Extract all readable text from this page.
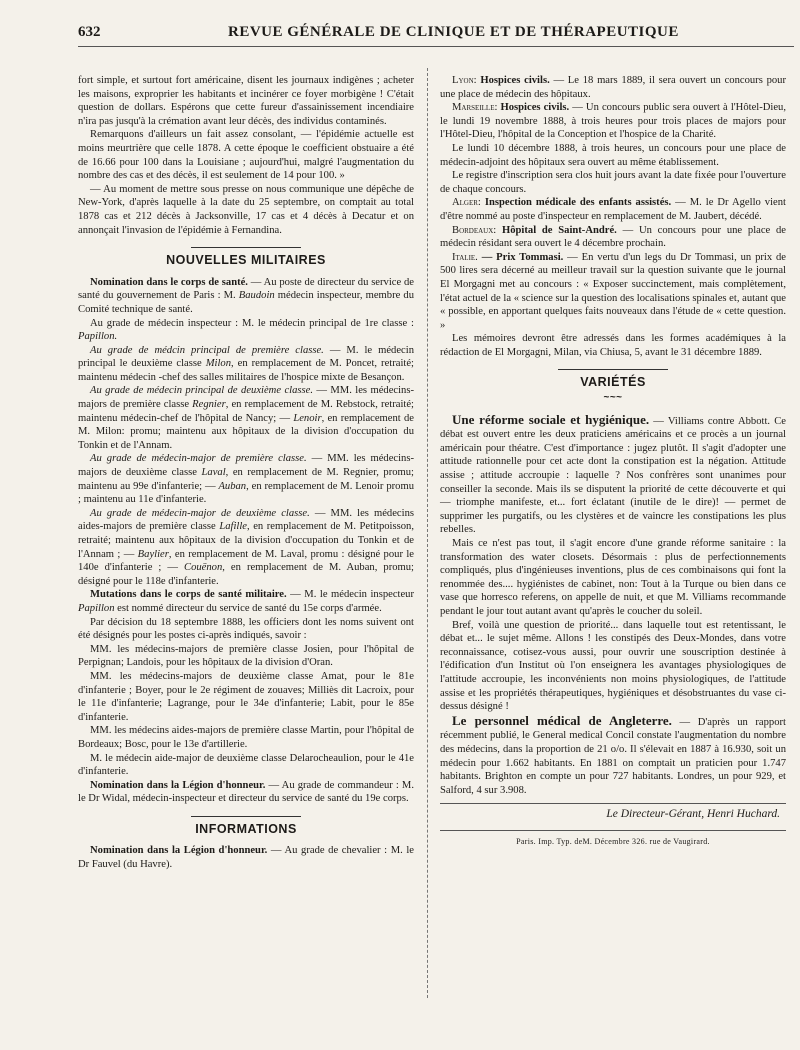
632	REVUE GÉNÉRALE DE CLINIQUE ET DE THÉRAPEUTIQUE

fort simple, et surtout fort américaine, disent les journaux indigènes ; acheter les maisons, exproprier les habitants et incinérer ce foyer morbigène ! C'était question de dollars. Espérons que cette fureur d'assainissement incendiaire n'ira pas jusqu'à la crémation avant leur décès, des individus contaminés.

Remarquons d'ailleurs un fait assez consolant, — l'épidémie actuelle est moins meurtrière que celle 1878. A cette époque le coefficient obstuaire a été de 16.66 pour 100 dans la Louisiane ; aujourd'hui, malgré l'augmentation du nombre des cas et des décès, il est seulement de 14 pour 100. »

— Au moment de mettre sous presse on nous communique une dépêche de New-York, d'après laquelle à la date du 25 septembre, on comptait au total 1878 cas et 212 décès à Jacksonville, 17 cas et 4 décès à Decatur et on annonçait l'invasion de l'épidémie à Fernandina.

NOUVELLES MILITAIRES

Nomination dans le corps de santé. — Au poste de directeur du service de santé du gouvernement de Paris : M. Baudoin médecin inspecteur, membre du Comité technique de santé.

Au grade de médecin inspecteur : M. le médecin principal de 1re classe : Papillon.

Au grade de médcin principal de première classe. — M. le médecin principal le deuxième classe Milon, en remplacement de M. Poncet, retraité; maintenu médecin -chef des salles militaires de l'hospice mixte de Besançon.

Au grade de médecin principal de deuxième classe. — MM. les médecins-majors de première classe Regnier, en remplacement de M. Rebstock, retraité; maintenu médecin-chef de l'hôpital de Nancy; — Lenoir, en remplacement de M. Milon: promu; maintenu aux hôpitaux de la division d'occupation du Tonkin et de l'Annam.

Au grade de médecin-major de première classe. — MM. les médecins-majors de deuxième classe Laval, en remplacement de M. Regnier, promu; maintenu au 99e d'infanterie; — Auban, en remplacement de M. Lenoir promu ; maintenu au 11e d'infanterie.

Au grade de médecin-major de deuxième classe. — MM. les médecins aides-majors de première classe Lafille, en remplacement de M. Petitpoisson, retraité; maintenu aux hôpitaux de la division d'occupation du Tonkin et de l'Annam ; — Baylier, en remplacement de M. Laval, promu : désigné pour le 140e d'infanterie ; — Couënon, en remplacement de M. Auban, promu; désigné pour le 118e d'infanterie.

Mutations dans le corps de santé militaire. — M. le médecin inspecteur Papillon est nommé directeur du service de santé du 15e corps d'armée.

Par décision du 18 septembre 1888, les officiers dont les noms suivent ont été désignés pour les postes ci-après indiqués, savoir :

MM. les médecins-majors de première classe Josien, pour l'hôpital de Perpignan; Landois, pour les hôpitaux de la division d'Oran.

MM. les médecins-majors de deuxième classe Amat, pour le 81e d'infanterie ; Boyer, pour le 2e régiment de zouaves; Milliès dit Lacroix, pour le 11e d'infanterie; Lagrange, pour le 34e d'infanterie; Labit, pour le 85e d'infanterie.

MM. les médecins aides-majors de première classe Martin, pour l'hôpital de Bordeaux; Bosc, pour le 13e d'artillerie.

M. le médecin aide-major de deuxième classe Delarocheaulion, pour le 41e d'infanterie.

Nomination dans la Légion d'honneur. — Au grade de commandeur : M. le Dr Widal, médecin-inspecteur et directeur du service de santé du 19e corps.

INFORMATIONS

Nomination dans la Légion d'honneur. — Au grade de chevalier : M. le Dr Fauvel (du Havre).

Lyon: Hospices civils. — Le 18 mars 1889, il sera ouvert un concours pour une place de médecin des hôpitaux.

Marseille: Hospices civils. — Un concours public sera ouvert à l'Hôtel-Dieu, le lundi 19 novembre 1888, à trois heures pour trois places de majors pour l'Hôtel-Dieu, l'hôpital de la Conception et l'hospice de la Charité.

Le lundi 10 décembre 1888, à trois heures, un concours pour une place de médecin-adjoint des hôpitaux sera ouvert au même établissement.

Le registre d'inscription sera clos huit jours avant la date fixée pour l'ouverture de chaque concours.

Alger: Inspection médicale des enfants assistés. — M. le Dr Agello vient d'être nommé au poste d'inspecteur en remplacement de M. Jaubert, décédé.

Bordeaux: Hôpital de Saint-André. — Un concours pour une place de médecin résidant sera ouvert le 4 décembre prochain.

Italie. — Prix Tommasi. — En vertu d'un legs du Dr Tommasi, un prix de 500 lires sera décerné au meilleur travail sur la question suivante que le journal El Morgagni met au concours : « Exposer succinctement, mais complètement, l'état actuel de la « science sur la question des localisations spinales et, autant que « possible, en apportant quelques faits nouveaux dans l'étude de « cette question. »

Les mémoires devront être adressés dans les formes académiques à la rédaction de El Morgagni, Milan, via Chiusa, 5, avant le 31 décembre 1889.

VARIÉTÉS
~~~

Une réforme sociale et hygiénique. — Villiams contre Abbott. Ce débat est ouvert entre les deux praticiens américains et ce procès a un journal américain pour théatre. C'est d'importance : jugez plutôt. Il s'agit d'adopter une attitude rationnelle pour cet acte dont la constipation est la négation. Attitude assise ; attitude accroupie : laquelle ? Nos confrères sont unanimes pour conseiller la seconde. Mais ils se disputent la priorité de cette découverte et qui — triomphe manifeste, et... fort éclatant (inutile de le dire)! — permet de supprimer les purgatifs, ou les clystères et de vaincre les constipations les plus rebelles.

Mais ce n'est pas tout, il s'agit encore d'une grande réforme sanitaire : la transformation des water closets. Désormais : plus de perfectionnements compliqués, plus d'ingénieuses inventions, plus de ces combinaisons qui font la renommée des.... hygiénistes de cabinet, non: Tout à la Turque ou bien dans ce vase que horresco referens, on appelle de nuit, et que M. Villiams recommande pendant le jour tout autant avant qu'après le coucher du soleil.

Bref, voilà une question de priorité... dans laquelle tout est retentissant, le débat et... le sujet même. Allons ! les constipés des Deux-Mondes, dans votre reconnaissance, cotisez-vous aussi, pour ouvrir une souscription destinée à l'édification d'un Institut où l'on enseignera les avantages physiologiques de l'attitude accroupie, les inconvénients non moins physiologiques, de l'attitude assise et les propriétés thérapeutiques, hygiéniques et désobstruantes du vase ci-dessus désigné !

Le personnel médical de Angleterre. — D'après un rapport récemment publié, le General medical Concil constate l'augmentation du nombre des médecins, dans la proportion de 21 o/o. Il s'élevait en 1887 à 16.930, soit un médecin pour 1.662 habitants. En 1881 on comptait un praticien pour 1.747 habitants. Brighton en compte un pour 727 habitants. Londres, un pour 929, et Salford, 4 sur 3.908.

Le Directeur-Gérant, Henri Huchard.
Paris. Imp. Typ. deM. Décembre 326. rue de Vaugirard.
